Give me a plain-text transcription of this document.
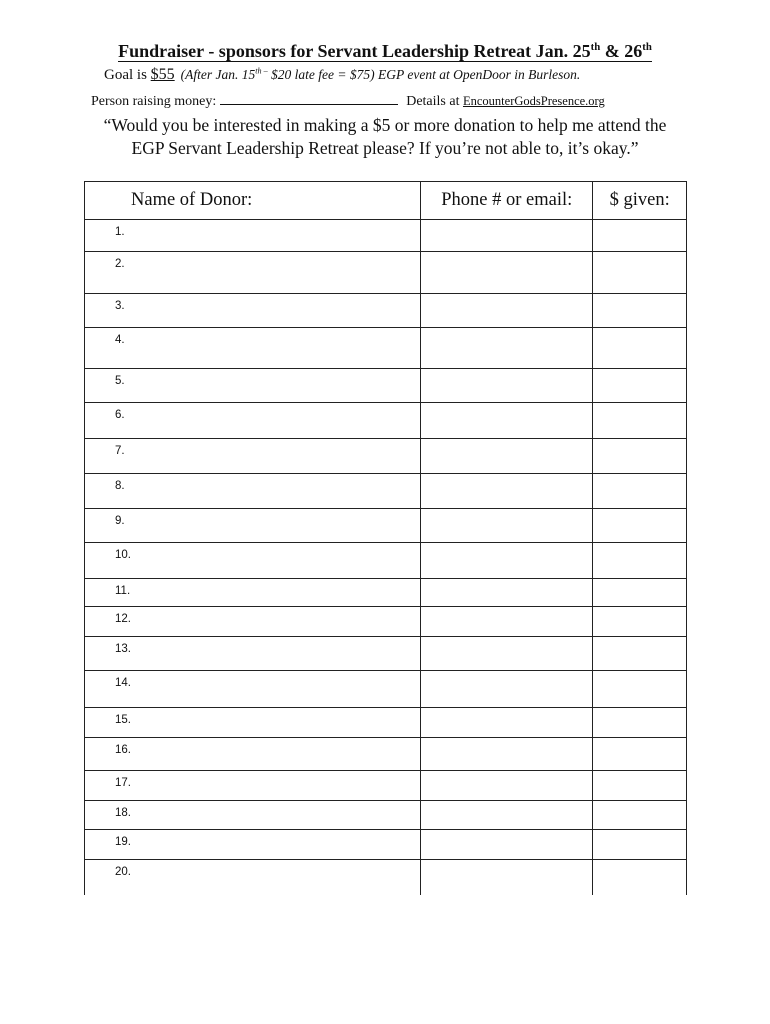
Fundraiser - sponsors for Servant Leadership Retreat Jan. 25th & 26th
Goal is $55 (After Jan. $15^{th -}$ $20 late fee = $75) EGP event at OpenDoor in Burleson.
Person raising money:	Details at EncounterGodsPresence.org
“Would you be interested in making a $5 or more donation to help me attend the
EGP Servant Leadership Retreat please? If you’re not able to, it’s okay.”
Name of Donor:	Phone # or email:	$ given:
1.		
2.		
3.		
4.		
5.		
6.		
7.		
8.		
9.		
10.		
11.		
12.		
13.		
14.		
15.		
16.		
17.		
18.		
19.		
20.		
